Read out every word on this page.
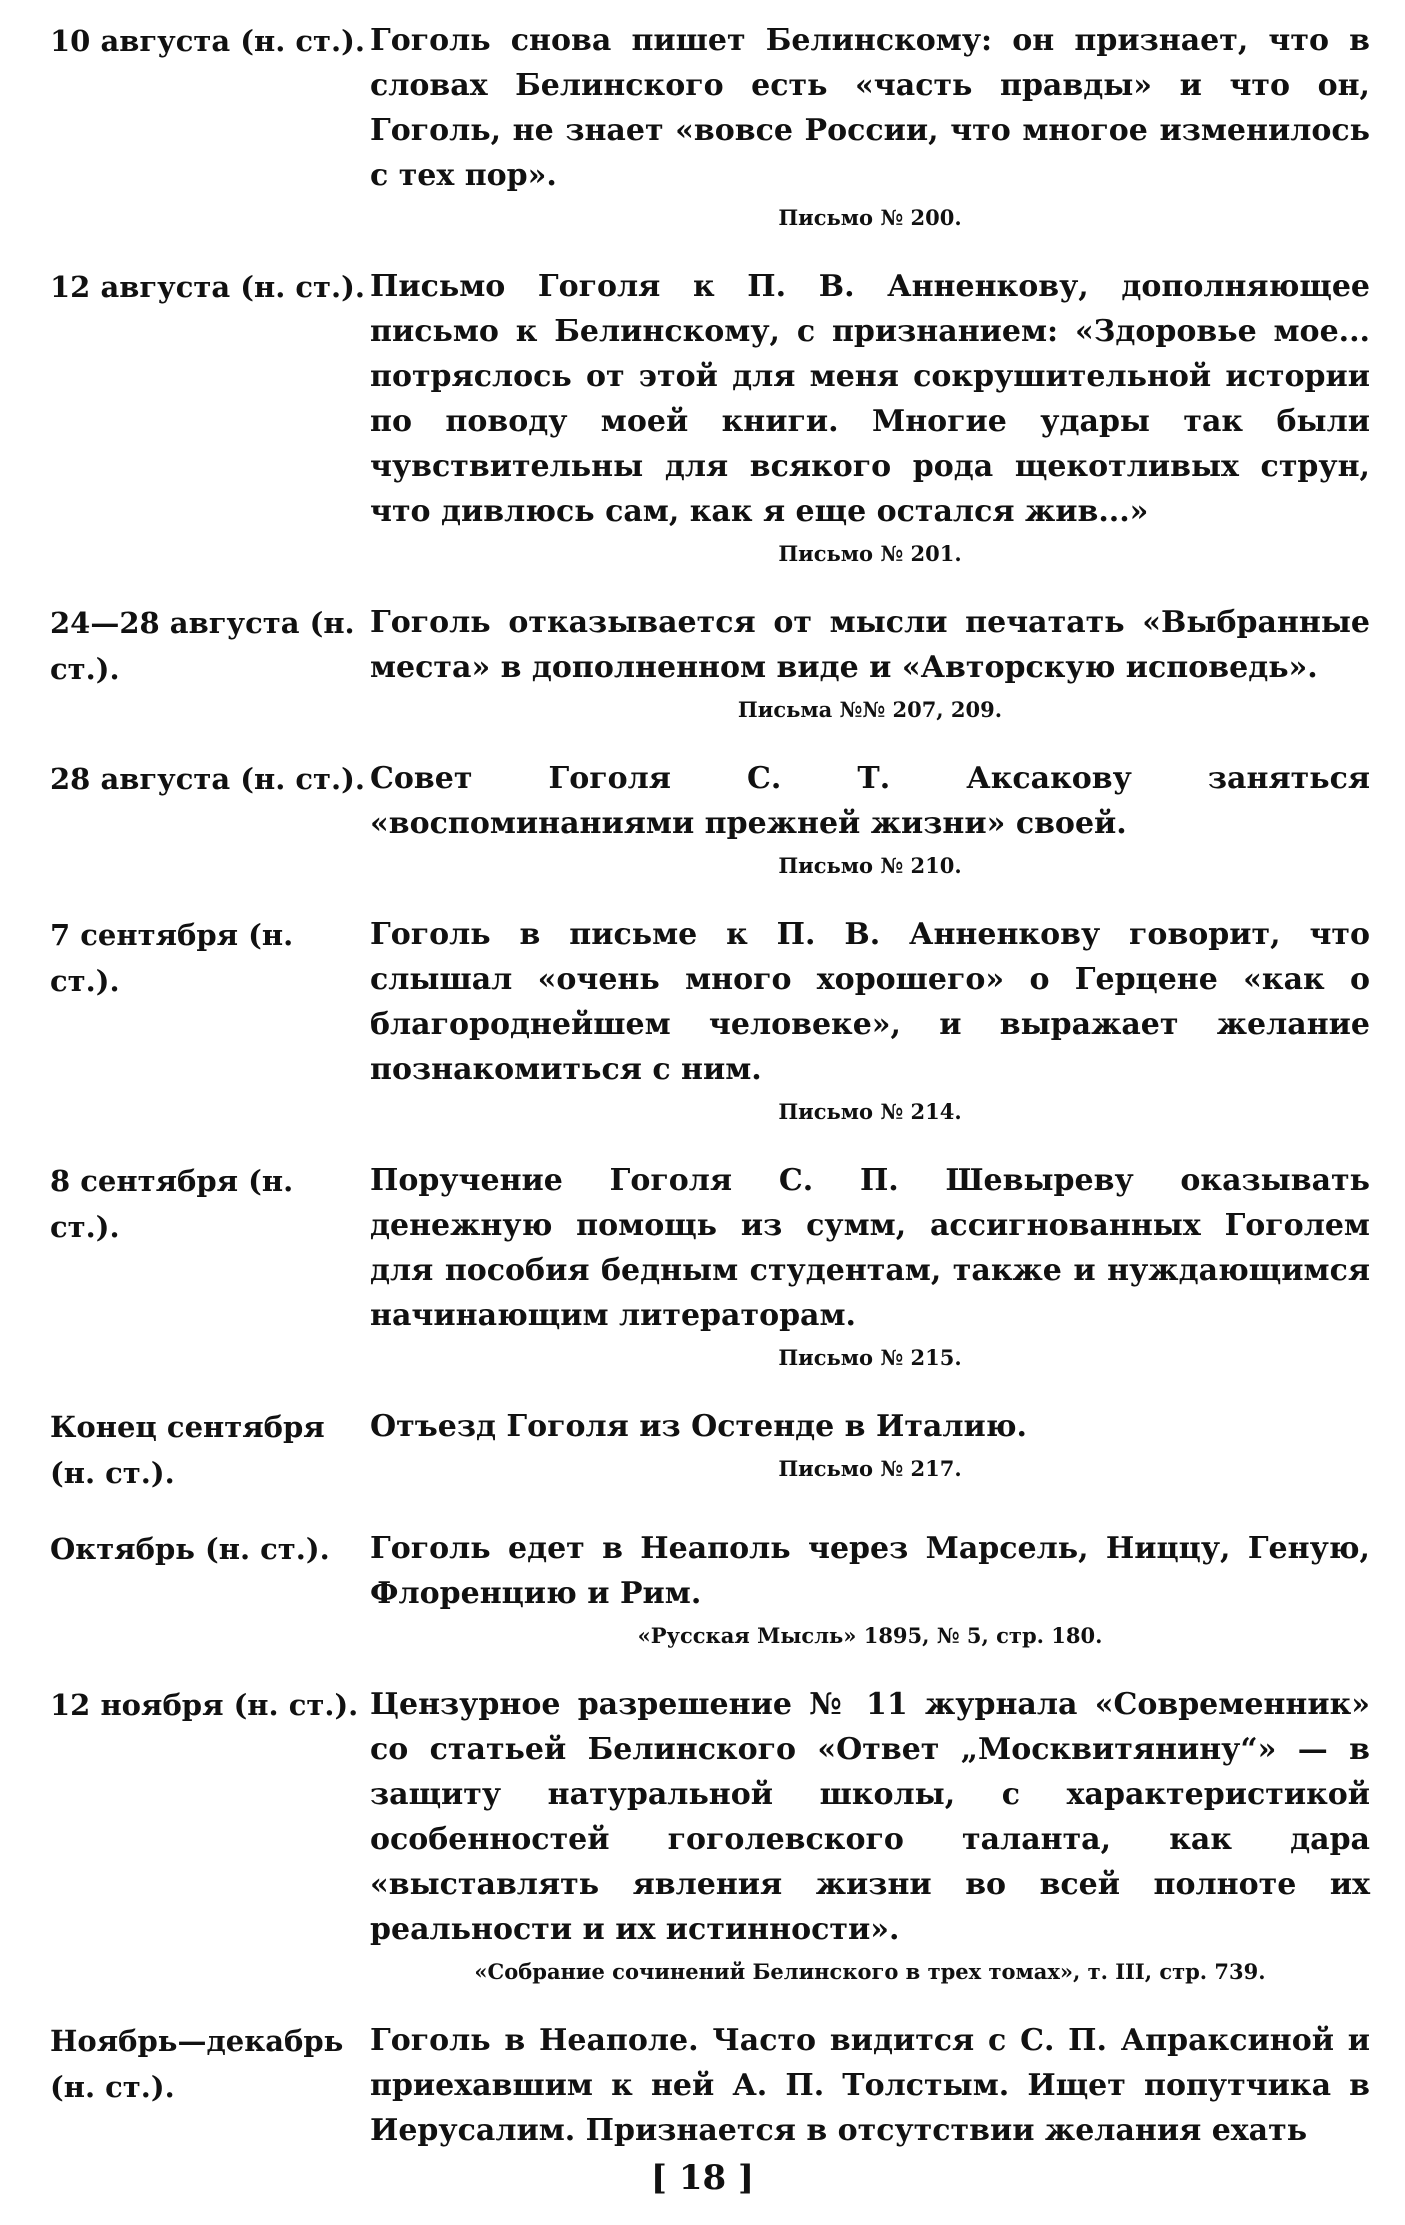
10 августа (н. ст.). Гоголь снова пишет Белинскому: он признает, что в словах Белинского есть «часть правды» и что он, Гоголь, не знает «вовсе России, что многое изменилось с тех пор».
Письмо № 200.
12 августа (н. ст.). Письмо Гоголя к П. В. Анненкову, дополняющее письмо к Белинскому, с признанием: «Здоровье мое... потряслось от этой для меня сокрушительной истории по поводу моей книги. Многие удары так были чувствительны для всякого рода щекотливых струн, что дивлюсь сам, как я еще остался жив...»
Письмо № 201.
24—28 августа (н. ст.).
Гоголь отказывается от мысли печатать «Выбранные места» в дополненном виде и «Авторскую исповедь».
Письма №№ 207, 209.
28 августа (н. ст.). Совет Гоголя С. Т. Аксакову заняться «воспоминаниями прежней жизни» своей.
Письмо № 210.
7 сентября (н. ст.).
Гоголь в письме к П. В. Анненкову говорит, что слышал «очень много хорошего» о Герцене «как о благороднейшем человеке», и выражает желание познакомиться с ним.
Письмо № 214.
8 сентября (н. ст.).
Поручение Гоголя С. П. Шевыреву оказывать денежную помощь из сумм, ассигнованных Гоголем для пособия бедным студентам, также и нуждающимся начинающим литераторам.
Письмо № 215.
Конец сентября (н. ст.).
Отъезд Гоголя из Остенде в Италию.
Письмо № 217.
Октябрь (н. ст.).	Гоголь едет в Неаполь через Марсель, Ниццу, Геную, Флоренцию и Рим.
«Русская Мысль» 1895, № 5, стр. 180.
12 ноября (н. ст.). Цензурное разрешение № 11 журнала «Современник» со статьей Белинского «Ответ „Москвитянину“» — в защиту натуральной школы, с характеристикой особенностей гоголевского таланта, как дара «выставлять явления жизни во всей полноте их реальности и их истинности».
«Собрание сочинений Белинского в трех томах», т. III, стр. 739.
Ноябрь—декабрь (н. ст.).
Гоголь в Неаполе. Часто видится с С. П. Апраксиной и приехавшим к ней А. П. Толстым. Ищет попутчика в Иерусалим. Признается в отсутствии желания ехать
[ 18 ]
